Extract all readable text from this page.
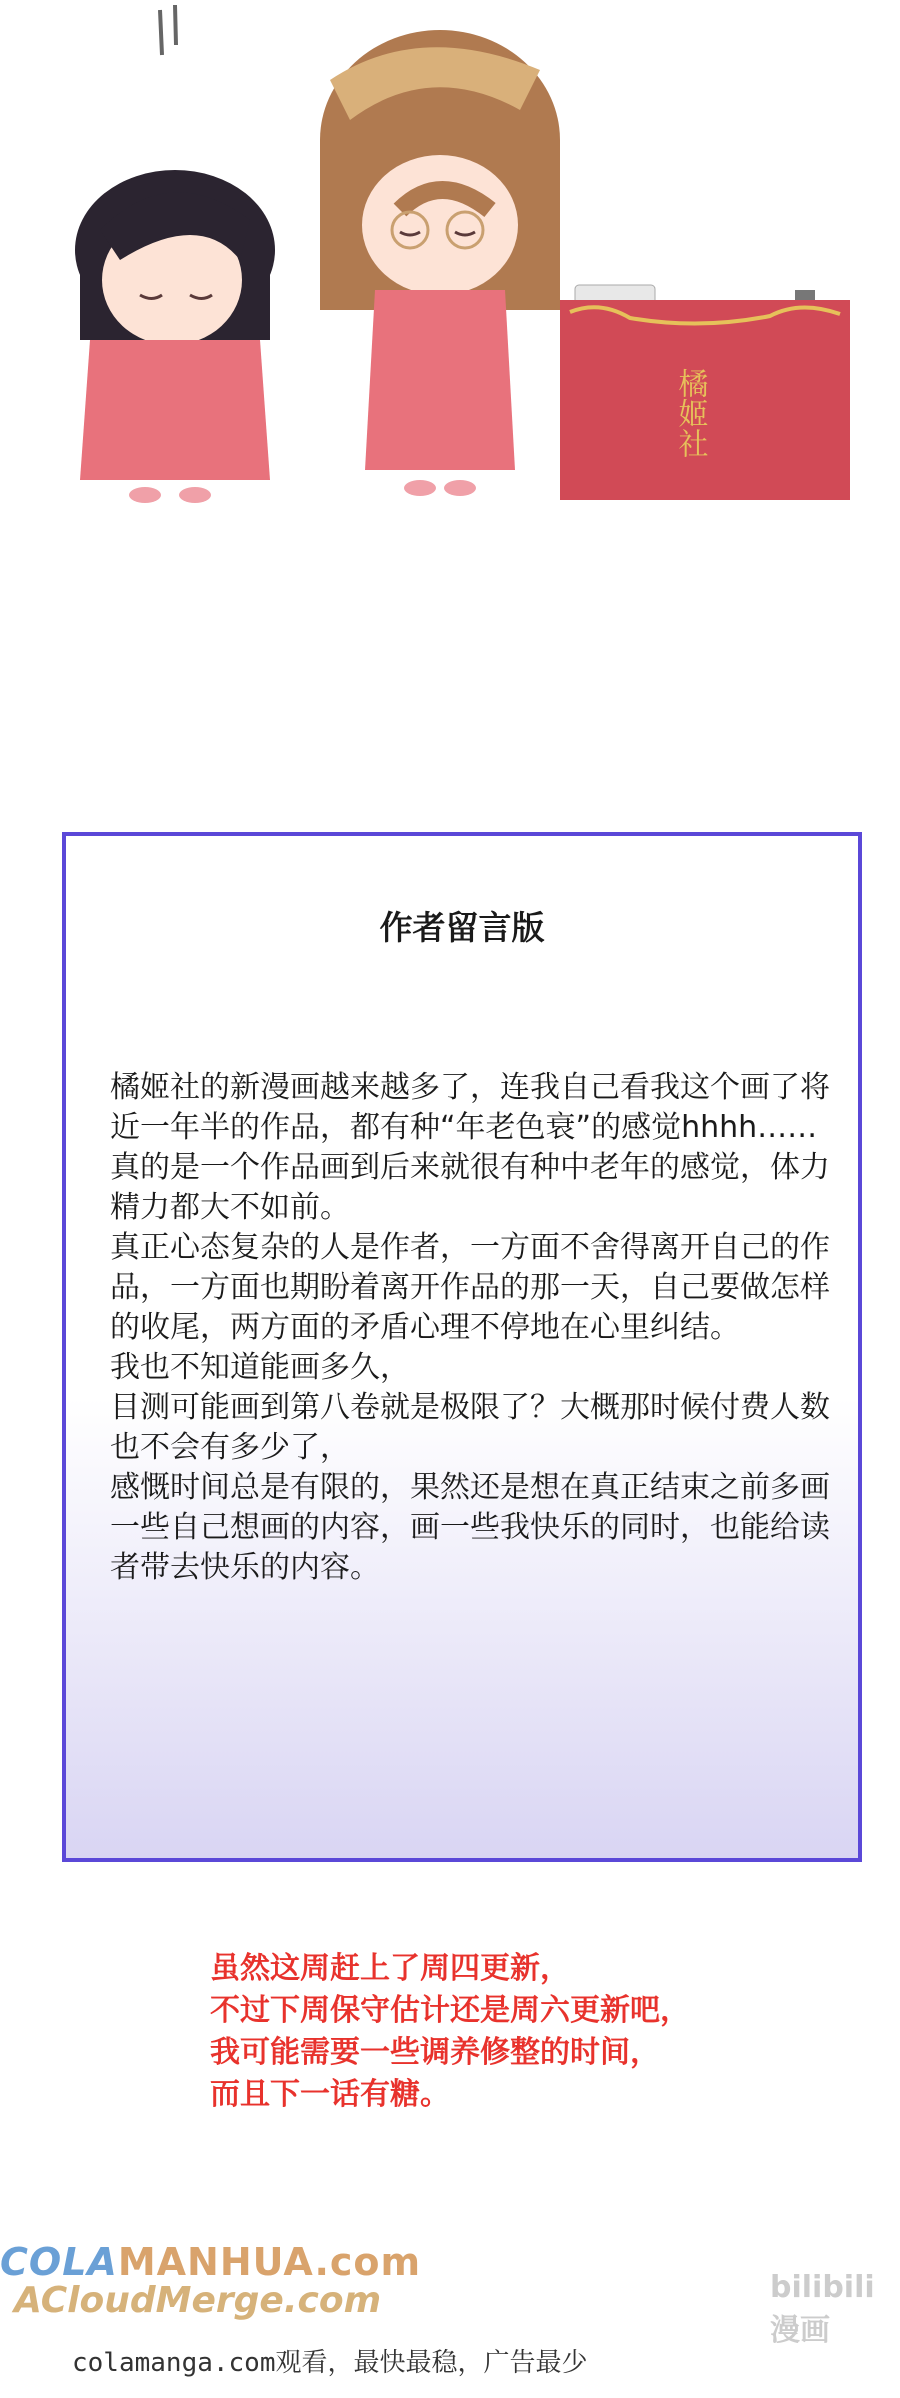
橘姬社
作者留言版

橘姬社的新漫画越来越多了，连我自己看我这个画了将近一年半的作品，都有种“年老色衰”的感觉hhhh……真的是一个作品画到后来就很有种中老年的感觉，体力精力都大不如前。

真正心态复杂的人是作者，一方面不舍得离开自己的作品，一方面也期盼着离开作品的那一天，自己要做怎样的收尾，两方面的矛盾心理不停地在心里纠结。

我也不知道能画多久，

目测可能画到第八卷就是极限了？大概那时候付费人数也不会有多少了，

感慨时间总是有限的，果然还是想在真正结束之前多画一些自己想画的内容，画一些我快乐的同时，也能给读者带去快乐的内容。

虽然这周赶上了周四更新，

不过下周保守估计还是周六更新吧，

我可能需要一些调养修整的时间，

而且下一话有糖。

COLAMANHUA.com
ACloudMerge.com	bilibili漫画
colamanga.com观看，最快最稳，广告最少
